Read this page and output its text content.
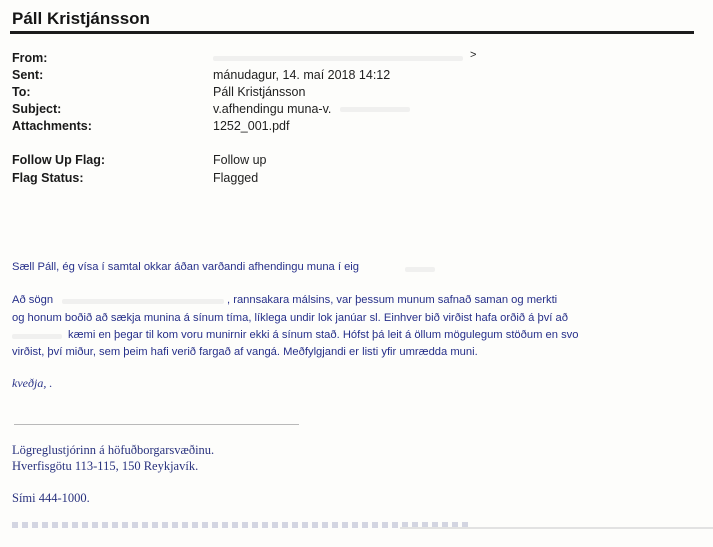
Páll Kristjánsson
From:	>
Sent:	mánudagur, 14. maí 2018 14:12
To:	Páll Kristjánsson
Subject:	v.afhendingu muna-v.
Attachments:	1252_001.pdf
Follow Up Flag:	Follow up
Flag Status:	Flagged
Sæll Páll, ég vísa í samtal okkar áðan varðandi afhendingu muna í eig
Að sögn	, rannsakara málsins, var þessum munum safnað saman og merkti
og honum boðið að sækja munina á sínum tíma, líklega undir lok janúar sl. Einhver bið virðist hafa orðið á því að
kæmi en þegar til kom voru munirnir ekki á sínum stað. Hófst þá leit á öllum mögulegum stöðum en svo
virðist, því miður, sem þeim hafi verið fargað af vangá. Meðfylgjandi er listi yfir umrædda muni.
kveðja, .
Lögreglustjórinn á höfuðborgarsvæðinu.
Hverfisgötu 113-115, 150 Reykjavík.
Sími 444-1000.
